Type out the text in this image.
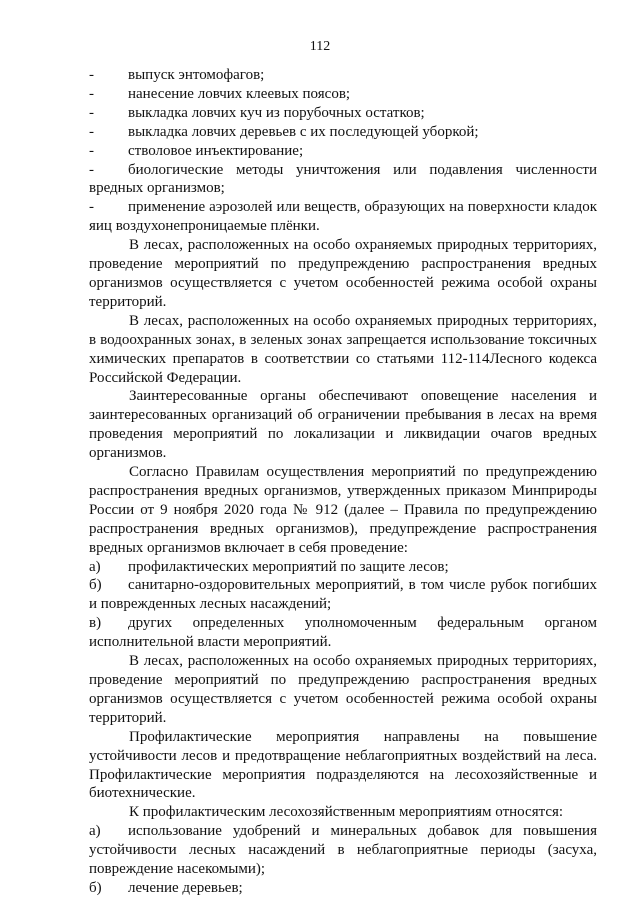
112

-	выпуск энтомофагов;

-	нанесение ловчих клеевых поясов;

-	выкладка ловчих куч из порубочных остатков;

-	выкладка ловчих деревьев с их последующей уборкой;

-	стволовое инъектирование;

-	биологические методы уничтожения или подавления численности вредных организмов;

-	применение аэрозолей или веществ, образующих на поверхности кладок яиц воздухонепроницаемые плёнки.

В лесах, расположенных на особо охраняемых природных территориях, проведение мероприятий по предупреждению распространения вредных организмов осуществляется с учетом особенностей режима особой охраны территорий.

В лесах, расположенных на особо охраняемых природных территориях, в водоохранных зонах, в зеленых зонах запрещается использование токсичных химических препаратов в соответствии со статьями 112-114Лесного кодекса Российской Федерации.

Заинтересованные органы обеспечивают оповещение населения и заинтересованных организаций об ограничении пребывания в лесах на время проведения мероприятий по локализации и ликвидации очагов вредных организмов.

Согласно Правилам осуществления мероприятий по предупреждению распространения вредных организмов, утвержденных приказом Минприроды России от 9 ноября 2020 года № 912 (далее – Правила по предупреждению распространения вредных организмов), предупреждение распространения вредных организмов включает в себя проведение:

а)	профилактических мероприятий по защите лесов;

б)	санитарно-оздоровительных мероприятий, в том числе рубок погибших и поврежденных лесных насаждений;

в)	других определенных уполномоченным федеральным органом исполнительной власти мероприятий.

В лесах, расположенных на особо охраняемых природных территориях, проведение мероприятий по предупреждению распространения вредных организмов осуществляется с учетом особенностей режима особой охраны территорий.

Профилактические мероприятия направлены на повышение устойчивости лесов и предотвращение неблагоприятных воздействий на леса. Профилактические мероприятия подразделяются на лесохозяйственные и биотехнические.

К профилактическим лесохозяйственным мероприятиям относятся:

а)	использование удобрений и минеральных добавок для повышения устойчивости лесных насаждений в неблагоприятные периоды (засуха, повреждение насекомыми);

б)	лечение деревьев;
